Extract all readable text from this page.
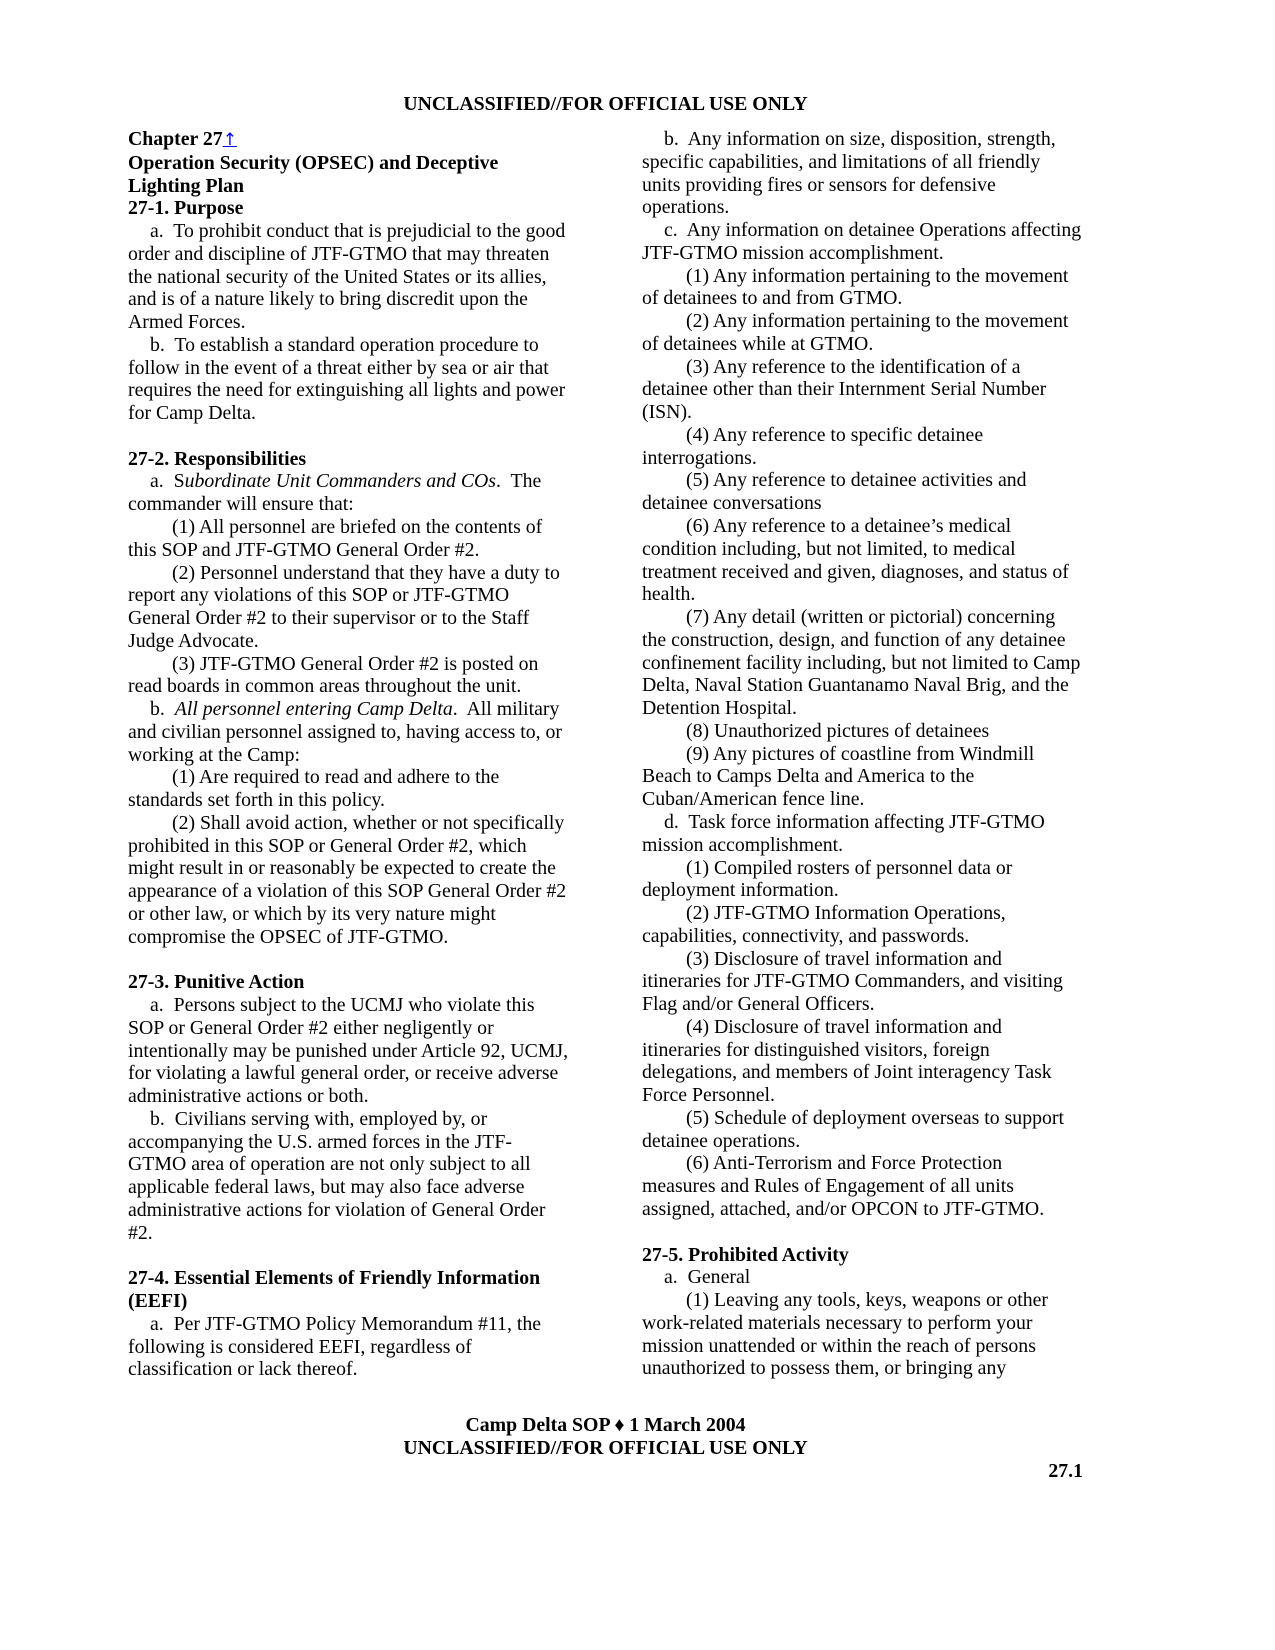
UNCLASSIFIED//FOR OFFICIAL USE ONLY
Chapter 27↑
Operation Security (OPSEC) and Deceptive
Lighting Plan
27-1. Purpose
a.  To prohibit conduct that is prejudicial to the good
order and discipline of JTF-GTMO that may threaten
the national security of the United States or its allies,
and is of a nature likely to bring discredit upon the
Armed Forces.
b.  To establish a standard operation procedure to
follow in the event of a threat either by sea or air that
requires the need for extinguishing all lights and power
for Camp Delta.
27-2. Responsibilities
a.  Subordinate Unit Commanders and COs.  The
commander will ensure that:
(1) All personnel are briefed on the contents of
this SOP and JTF-GTMO General Order #2.
(2) Personnel understand that they have a duty to
report any violations of this SOP or JTF-GTMO
General Order #2 to their supervisor or to the Staff
Judge Advocate.
(3) JTF-GTMO General Order #2 is posted on
read boards in common areas throughout the unit.
b.  All personnel entering Camp Delta.  All military
and civilian personnel assigned to, having access to, or
working at the Camp:
(1) Are required to read and adhere to the
standards set forth in this policy.
(2) Shall avoid action, whether or not specifically
prohibited in this SOP or General Order #2, which
might result in or reasonably be expected to create the
appearance of a violation of this SOP General Order #2
or other law, or which by its very nature might
compromise the OPSEC of JTF-GTMO.
27-3. Punitive Action
a.  Persons subject to the UCMJ who violate this
SOP or General Order #2 either negligently or
intentionally may be punished under Article 92, UCMJ,
for violating a lawful general order, or receive adverse
administrative actions or both.
b.  Civilians serving with, employed by, or
accompanying the U.S. armed forces in the JTF-
GTMO area of operation are not only subject to all
applicable federal laws, but may also face adverse
administrative actions for violation of General Order
#2.
27-4. Essential Elements of Friendly Information
(EEFI)
a.  Per JTF-GTMO Policy Memorandum #11, the
following is considered EEFI, regardless of
classification or lack thereof.
b.  Any information on size, disposition, strength,
specific capabilities, and limitations of all friendly
units providing fires or sensors for defensive
operations.
c.  Any information on detainee Operations affecting
JTF-GTMO mission accomplishment.
(1) Any information pertaining to the movement
of detainees to and from GTMO.
(2) Any information pertaining to the movement
of detainees while at GTMO.
(3) Any reference to the identification of a
detainee other than their Internment Serial Number
(ISN).
(4) Any reference to specific detainee
interrogations.
(5) Any reference to detainee activities and
detainee conversations
(6) Any reference to a detainee’s medical
condition including, but not limited, to medical
treatment received and given, diagnoses, and status of
health.
(7) Any detail (written or pictorial) concerning
the construction, design, and function of any detainee
confinement facility including, but not limited to Camp
Delta, Naval Station Guantanamo Naval Brig, and the
Detention Hospital.
(8) Unauthorized pictures of detainees
(9) Any pictures of coastline from Windmill
Beach to Camps Delta and America to the
Cuban/American fence line.
d.  Task force information affecting JTF-GTMO
mission accomplishment.
(1) Compiled rosters of personnel data or
deployment information.
(2) JTF-GTMO Information Operations,
capabilities, connectivity, and passwords.
(3) Disclosure of travel information and
itineraries for JTF-GTMO Commanders, and visiting
Flag and/or General Officers.
(4) Disclosure of travel information and
itineraries for distinguished visitors, foreign
delegations, and members of Joint interagency Task
Force Personnel.
(5) Schedule of deployment overseas to support
detainee operations.
(6) Anti-Terrorism and Force Protection
measures and Rules of Engagement of all units
assigned, attached, and/or OPCON to JTF-GTMO.
27-5. Prohibited Activity
a.  General
(1) Leaving any tools, keys, weapons or other
work-related materials necessary to perform your
mission unattended or within the reach of persons
unauthorized to possess them, or bringing any
Camp Delta SOP ♦ 1 March 2004
UNCLASSIFIED//FOR OFFICIAL USE ONLY
27.1
